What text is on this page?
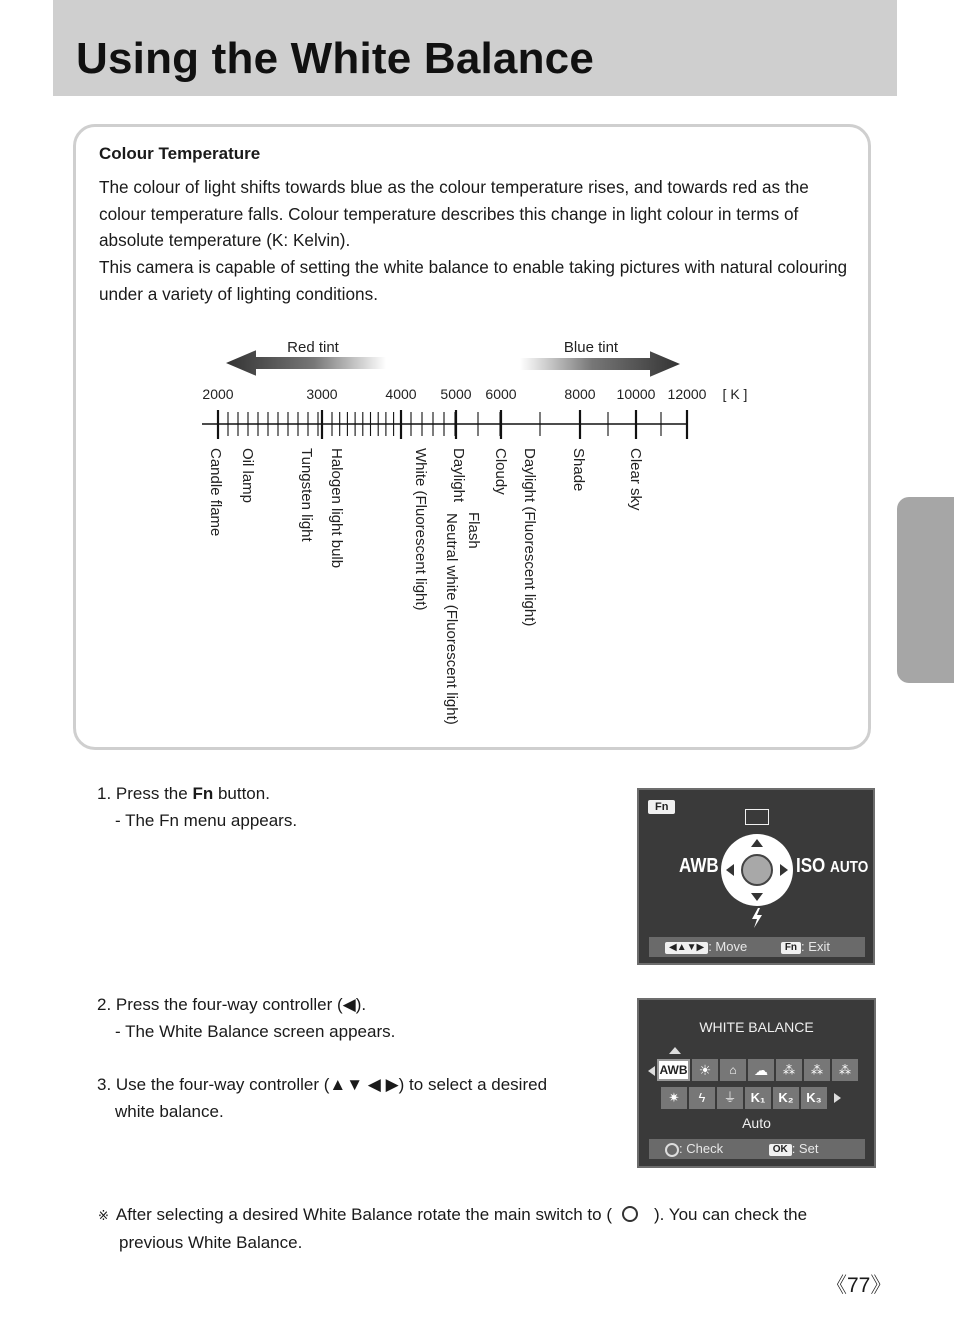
Using the White Balance
Colour Temperature

The colour of light shifts towards blue as the colour temperature rises, and towards red as the colour temperature falls. Colour temperature describes this change in light colour in terms of absolute temperature (K: Kelvin).

This camera is capable of setting the white balance to enable taking pictures with natural colouring under a variety of lighting conditions.

Red tint	Blue tint
2000	3000	4000 5000 6000	8000 10000 12000 [ K ]
Candle flame Oil lamp	Tungsten light Halogen light bulb	White (Fluorescent light) Daylight
Neutral white (Fluorescent light) Flash
Cloudy Daylight (Fluorescent light) Shade	Clear sky
1. Press the Fn button.
- The Fn menu appears.
Fn
AWB	ISO AUTO
◀▲▼▶ : Move	Fn : Exit
2. Press the four-way controller (◀).
- The White Balance screen appears.
3. Use the four-way controller (▲▼ ◀ ▶) to select a desired
white balance.
WHITE BALANCE
AWB ☀	⌂	☁	⁂	⁂	⁂
✷	ϟ	⏚	K₁	K₂ K₃
Auto
: Check	OK : Set
※ After selecting a desired White Balance rotate the main switch to ( ). You can check the
previous White Balance.
《77》
